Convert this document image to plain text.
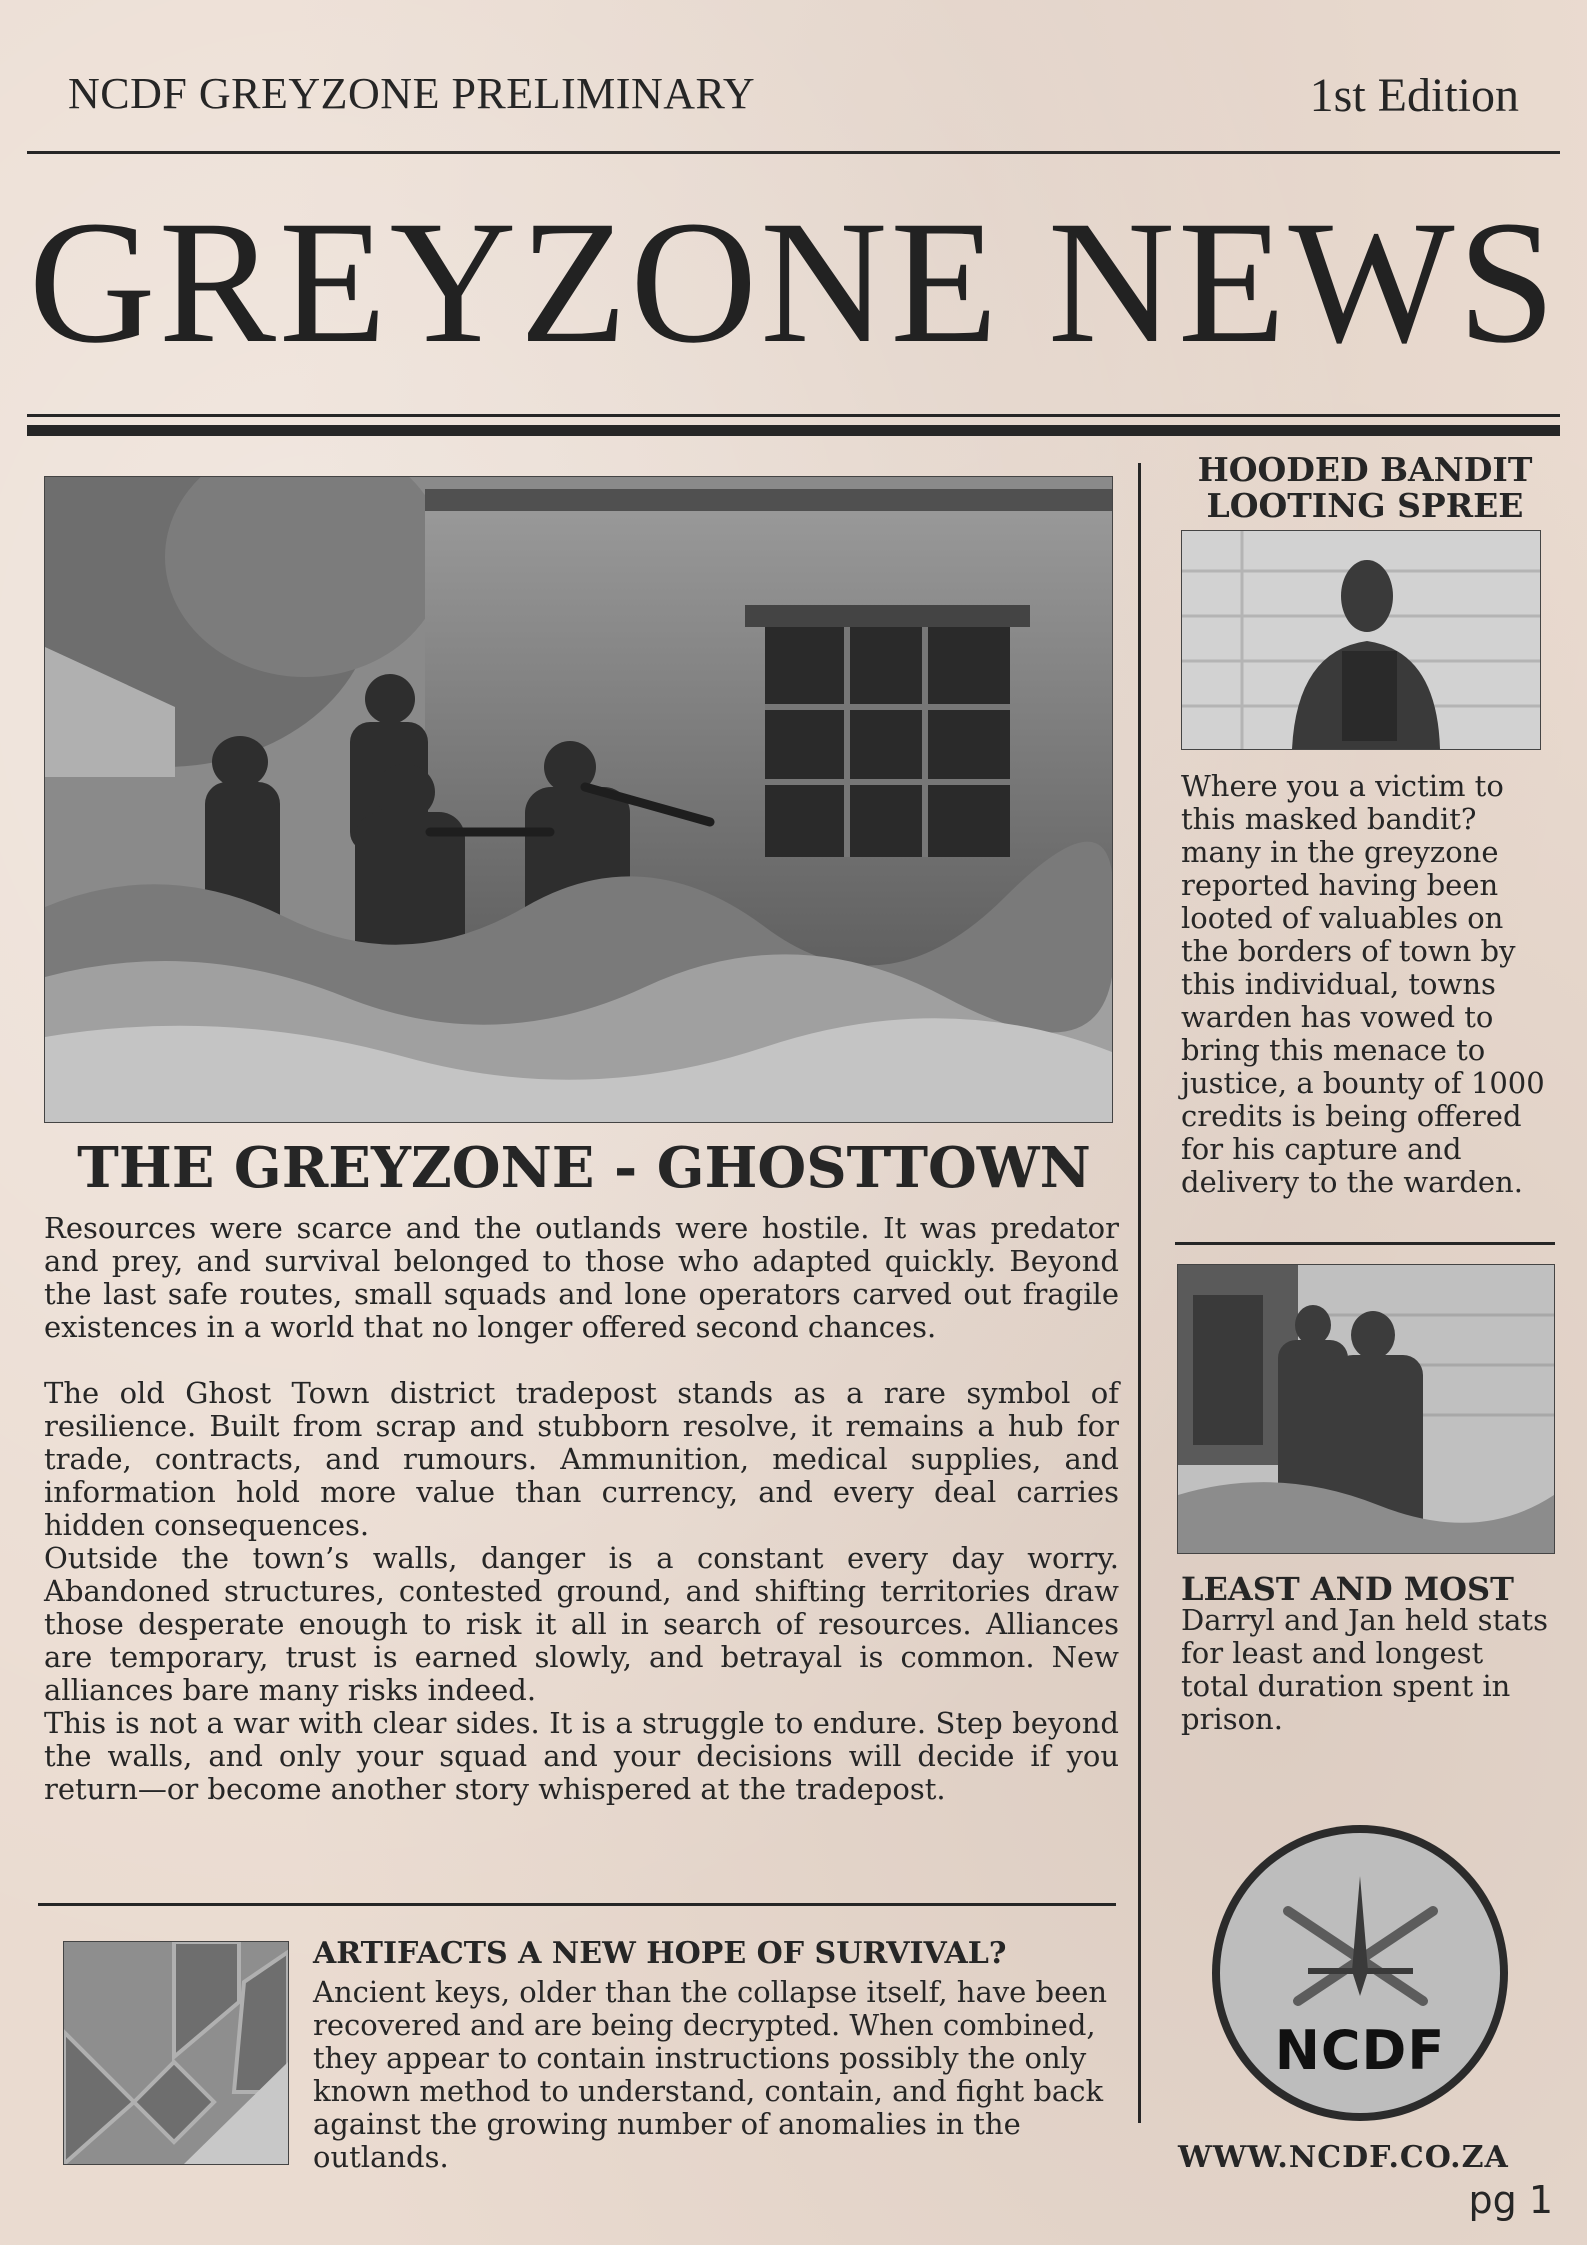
NCDF GREYZONE PRELIMINARY	1st Edition
GREYZONE NEWS
THE GREYZONE - GHOSTTOWN

Resources were scarce and the outlands were hostile. It was predator and prey, and survival belonged to those who adapted quickly. Beyond the last safe routes, small squads and lone operators carved out fragile existences in a world that no longer offered second chances.

The old Ghost Town district tradepost stands as a rare symbol of resilience. Built from scrap and stubborn resolve, it remains a hub for trade, contracts, and rumours. Ammunition, medical supplies, and information hold more value than currency, and every deal carries hidden consequences.

Outside the town’s walls, danger is a constant every day worry. Abandoned structures, contested ground, and shifting territories draw those desperate enough to risk it all in search of resources. Alliances are temporary, trust is earned slowly, and betrayal is common. New alliances bare many risks indeed.

This is not a war with clear sides. It is a struggle to endure. Step beyond the walls, and only your squad and your decisions will decide if you return—or become another story whispered at the tradepost.

ARTIFACTS A NEW HOPE OF SURVIVAL?
Ancient keys, older than the collapse itself, have been recovered and are being decrypted. When combined, they appear to contain instructions possibly the only known method to understand, contain, and fight back against the growing number of anomalies in the outlands.
HOODED BANDIT LOOTING SPREE
Where you a victim to this masked bandit? many in the greyzone reported having been looted of valuables on the borders of town by this individual, towns warden has vowed to bring this menace to justice, a bounty of 1000 credits is being offered for his capture and delivery to the warden.
LEAST AND MOST
Darryl and Jan held stats for least and longest total duration spent in prison.
NCDF
WWW.NCDF.CO.ZA
pg 1
